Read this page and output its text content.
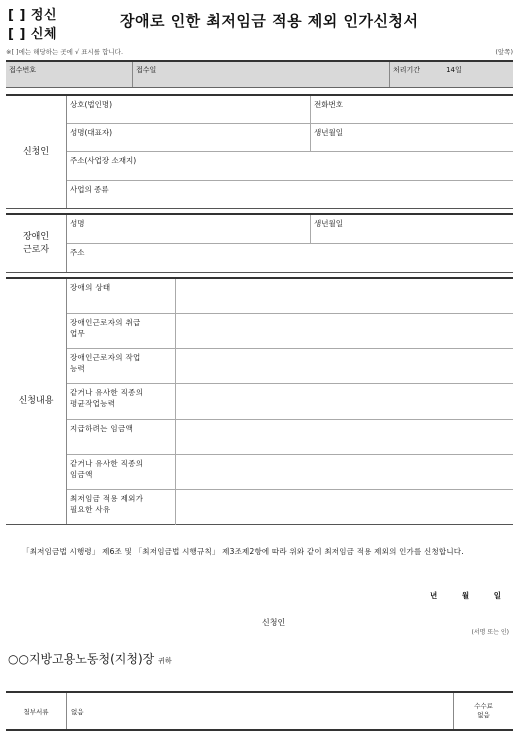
[ ] 정신
[ ] 신체
장애로 인한 최저임금 적용 제외 인가신청서
※[ ]에는 해당하는 곳에 √ 표시를 합니다.	(앞쪽)
접수번호	접수일	처리기간	14일
신청인
상호(법인명)	전화번호
성명(대표자)	생년월일
주소(사업장 소재지)
사업의 종류
장애인
근로자
성명	생년월일
주소
신청내용
장애의 상태
장애인근로자의 취급
업무
장애인근로자의 작업
능력
같거나 유사한 직종의
평균작업능력
지급하려는 임금액
같거나 유사한 직종의
임금액
최저임금 적용 제외가
필요한 사유
「최저임금법 시행령」 제6조 및 「최저임금법 시행규칙」 제3조제2항에 따라 위와 같이 최저임금 적용 제외의 인가를 신청합니다.
년 월 일
신청인
(서명 또는 인)
○○지방고용노동청(지청)장 귀하
첨부서류	없음
수수료
없음
